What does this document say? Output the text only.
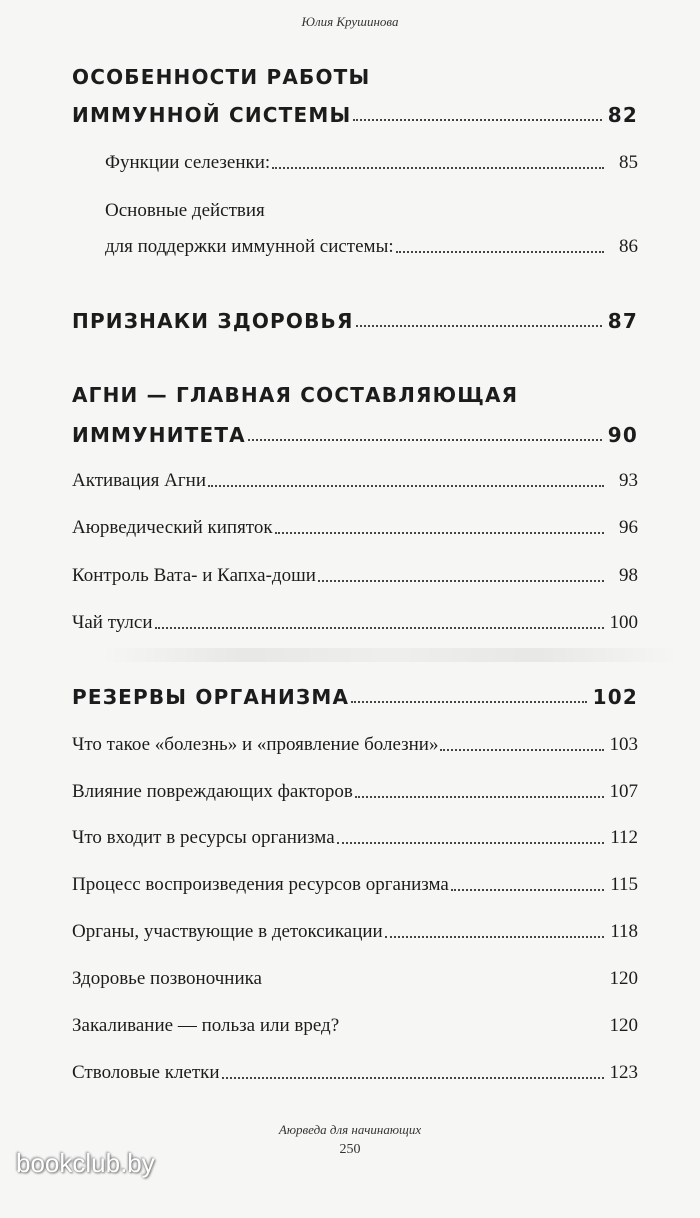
Юлия Крушинова
ОСОБЕННОСТИ РАБОТЫ
ИММУННОЙ СИСТЕМЫ	82
Функции селезенки:	85
Основные действия
для поддержки иммунной системы:	86
ПРИЗНАКИ ЗДОРОВЬЯ	87
АГНИ — ГЛАВНАЯ СОСТАВЛЯЮЩАЯ
ИММУНИТЕТА	90
Активация Агни	93
Аюрведический кипяток	96
Контроль Вата- и Капха-доши	98
Чай тулси	100
РЕЗЕРВЫ ОРГАНИЗМА	102
Что такое «болезнь» и «проявление болезни»	103
Влияние повреждающих факторов	107
Что входит в ресурсы организма	112
Процесс воспроизведения ресурсов организма	115
Органы, участвующие в детоксикации	118
Здоровье позвоночника	120
Закаливание — польза или вред?	120
Стволовые клетки	123
Аюрведа для начинающих
250
bookclub.by
